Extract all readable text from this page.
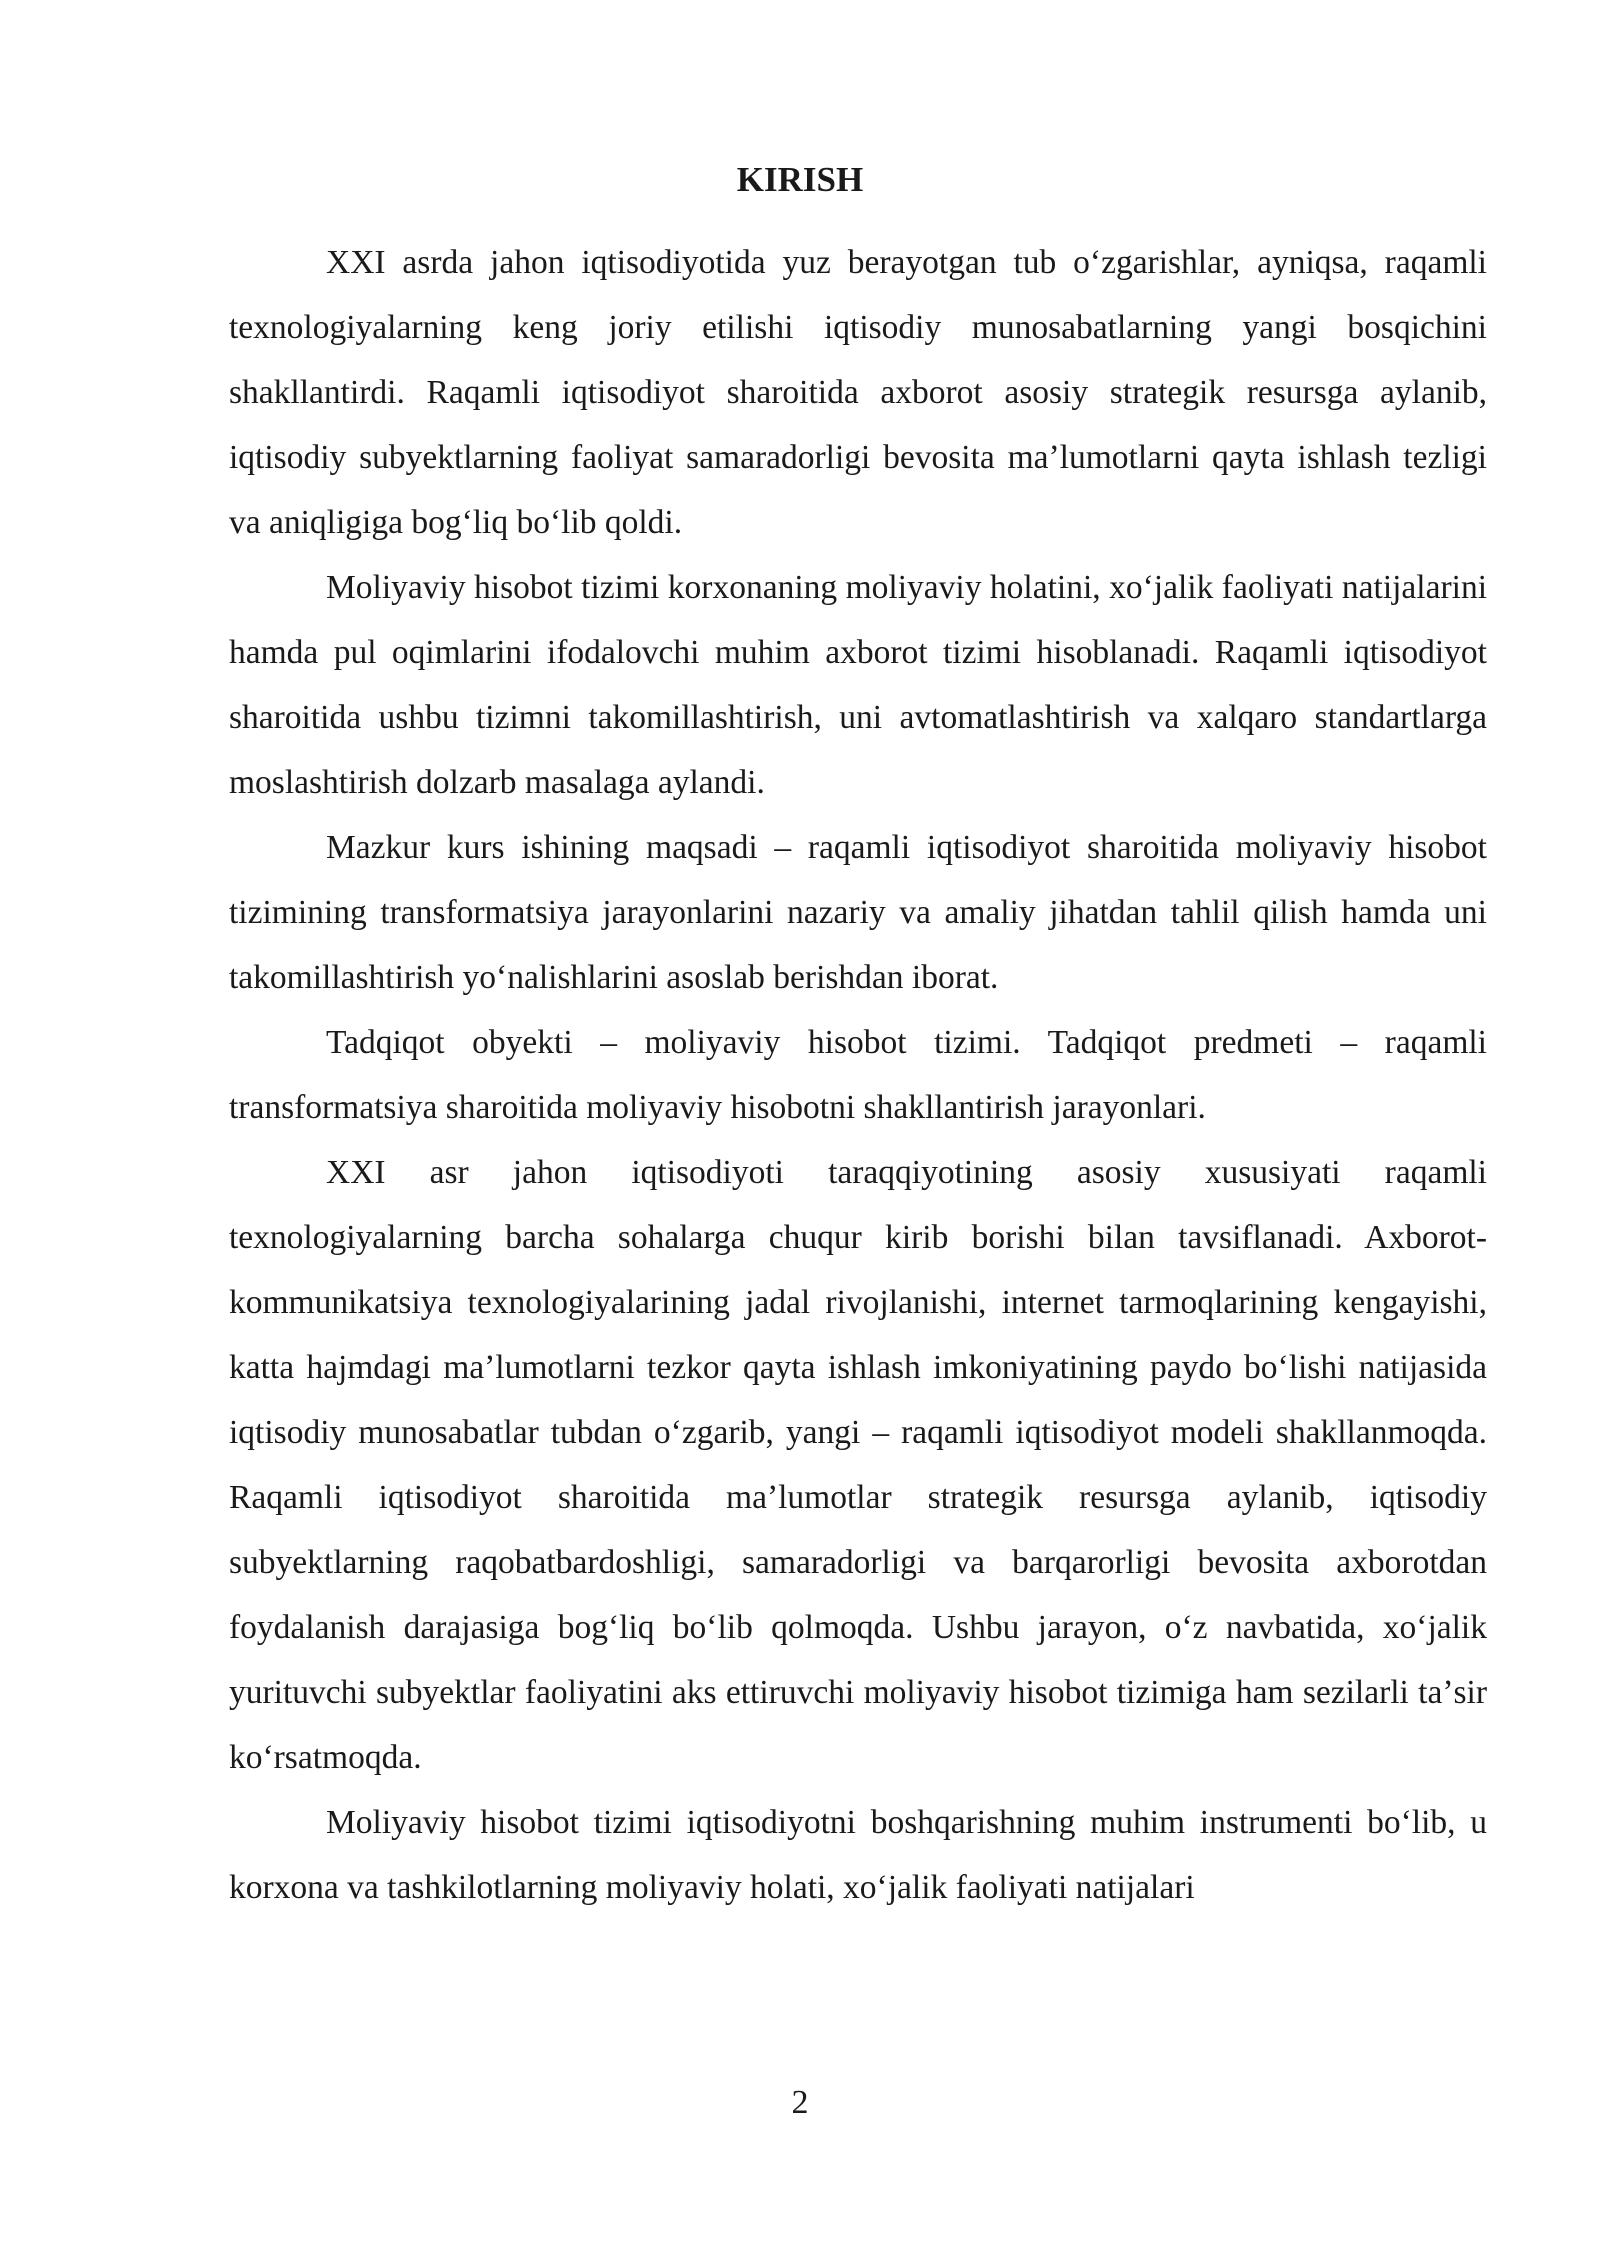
KIRISH

XXI asrda jahon iqtisodiyotida yuz berayotgan tub oʻzgarishlar, ayniqsa, raqamli texnologiyalarning keng joriy etilishi iqtisodiy munosabatlarning yangi bosqichini shakllantirdi. Raqamli iqtisodiyot sharoitida axborot asosiy strategik resursga aylanib, iqtisodiy subyektlarning faoliyat samaradorligi bevosita maʼlumotlarni qayta ishlash tezligi va aniqligiga bogʻliq boʻlib qoldi.

Moliyaviy hisobot tizimi korxonaning moliyaviy holatini, xoʻjalik faoliyati natijalarini hamda pul oqimlarini ifodalovchi muhim axborot tizimi hisoblanadi. Raqamli iqtisodiyot sharoitida ushbu tizimni takomillashtirish, uni avtomatlashtirish va xalqaro standartlarga moslashtirish dolzarb masalaga aylandi.

Mazkur kurs ishining maqsadi – raqamli iqtisodiyot sharoitida moliyaviy hisobot tizimining transformatsiya jarayonlarini nazariy va amaliy jihatdan tahlil qilish hamda uni takomillashtirish yoʻnalishlarini asoslab berishdan iborat.

Tadqiqot obyekti – moliyaviy hisobot tizimi. Tadqiqot predmeti – raqamli transformatsiya sharoitida moliyaviy hisobotni shakllantirish jarayonlari.

XXI asr jahon iqtisodiyoti taraqqiyotining asosiy xususiyati raqamli texnologiyalarning barcha sohalarga chuqur kirib borishi bilan tavsiflanadi. Axborot-kommunikatsiya texnologiyalarining jadal rivojlanishi, internet tarmoqlarining kengayishi, katta hajmdagi maʼlumotlarni tezkor qayta ishlash imkoniyatining paydo boʻlishi natijasida iqtisodiy munosabatlar tubdan oʻzgarib, yangi – raqamli iqtisodiyot modeli shakllanmoqda. Raqamli iqtisodiyot sharoitida maʼlumotlar strategik resursga aylanib, iqtisodiy subyektlarning raqobatbardoshligi, samaradorligi va barqarorligi bevosita axborotdan foydalanish darajasiga bogʻliq boʻlib qolmoqda. Ushbu jarayon, oʻz navbatida, xoʻjalik yurituvchi subyektlar faoliyatini aks ettiruvchi moliyaviy hisobot tizimiga ham sezilarli taʼsir koʻrsatmoqda.

Moliyaviy hisobot tizimi iqtisodiyotni boshqarishning muhim instrumenti boʻlib, u korxona va tashkilotlarning moliyaviy holati, xoʻjalik faoliyati natijalari

2
